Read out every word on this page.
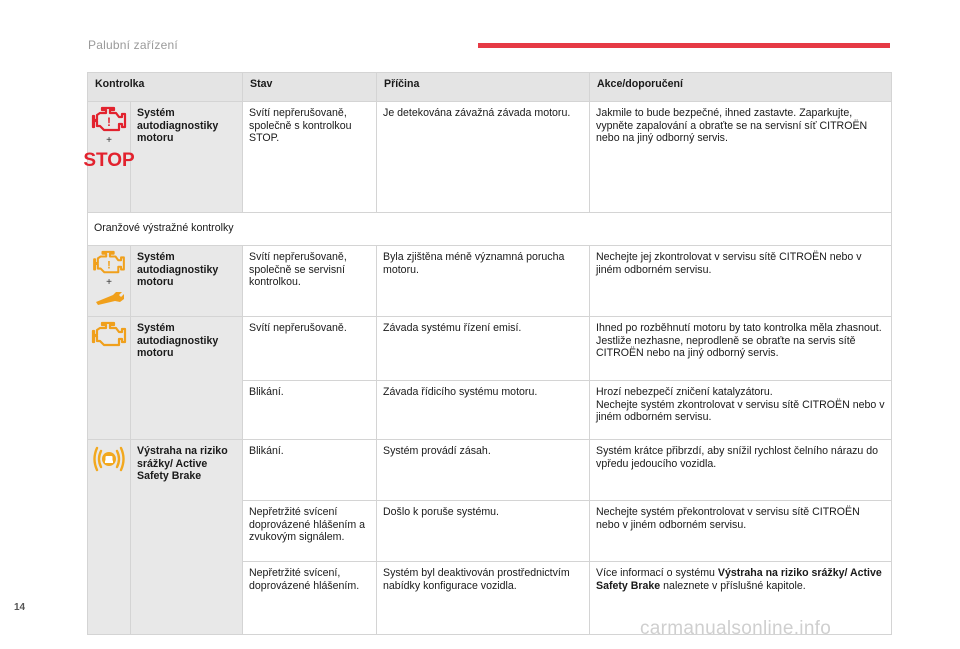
Palubní zařízení
Kontrolka		Stav	Příčina	Akce/doporučení

!
+
STOP	Systém autodiagnostiky motoru	Svítí nepřerušovaně, společně s kontrolkou STOP.	Je detekována závažná závada motoru.	Jakmile to bude bezpečné, ihned zastavte. Zaparkujte, vypněte zapalování a obraťte se na servisní síť CITROËN nebo na jiný odborný servis.
Oranžové výstražné kontrolky				

!
+	Systém autodiagnostiky motoru	Svítí nepřerušovaně, společně se servisní kontrolkou.	Byla zjištěna méně významná porucha motoru.	Nechejte jej zkontrolovat v servisu sítě CITROËN nebo v jiném odborném servisu.

	Systém autodiagnostiky motoru	Svítí nepřerušovaně.	Závada systému řízení emisí.	Ihned po rozběhnutí motoru by tato kontrolka měla zhasnout.
Jestliže nezhasne, neprodleně se obraťte na servis sítě CITROËN nebo na jiný odborný servis.

		Blikání.	Závada řídicího systému motoru.	Hrozí nebezpečí zničení katalyzátoru.
Nechejte systém zkontrolovat v servisu sítě CITROËN nebo v jiném odborném servisu.

	Výstraha na riziko srážky/ Active Safety Brake	Blikání.	Systém provádí zásah.	Systém krátce přibrzdí, aby snížil rychlost čelního nárazu do vpředu jedoucího vozidla.
		Nepřetržité svícení doprovázené hlášením a zvukovým signálem.	Došlo k poruše systému.	Nechejte systém překontrolovat v servisu sítě CITROËN nebo v jiném odborném servisu.
		Nepřetržité svícení, doprovázené hlášením.	Systém byl deaktivován prostřednictvím nabídky konfigurace vozidla.	Více informací o systému Výstraha na riziko srážky/ Active Safety Brake naleznete v příslušné kapitole.
14
carmanualsonline.info
